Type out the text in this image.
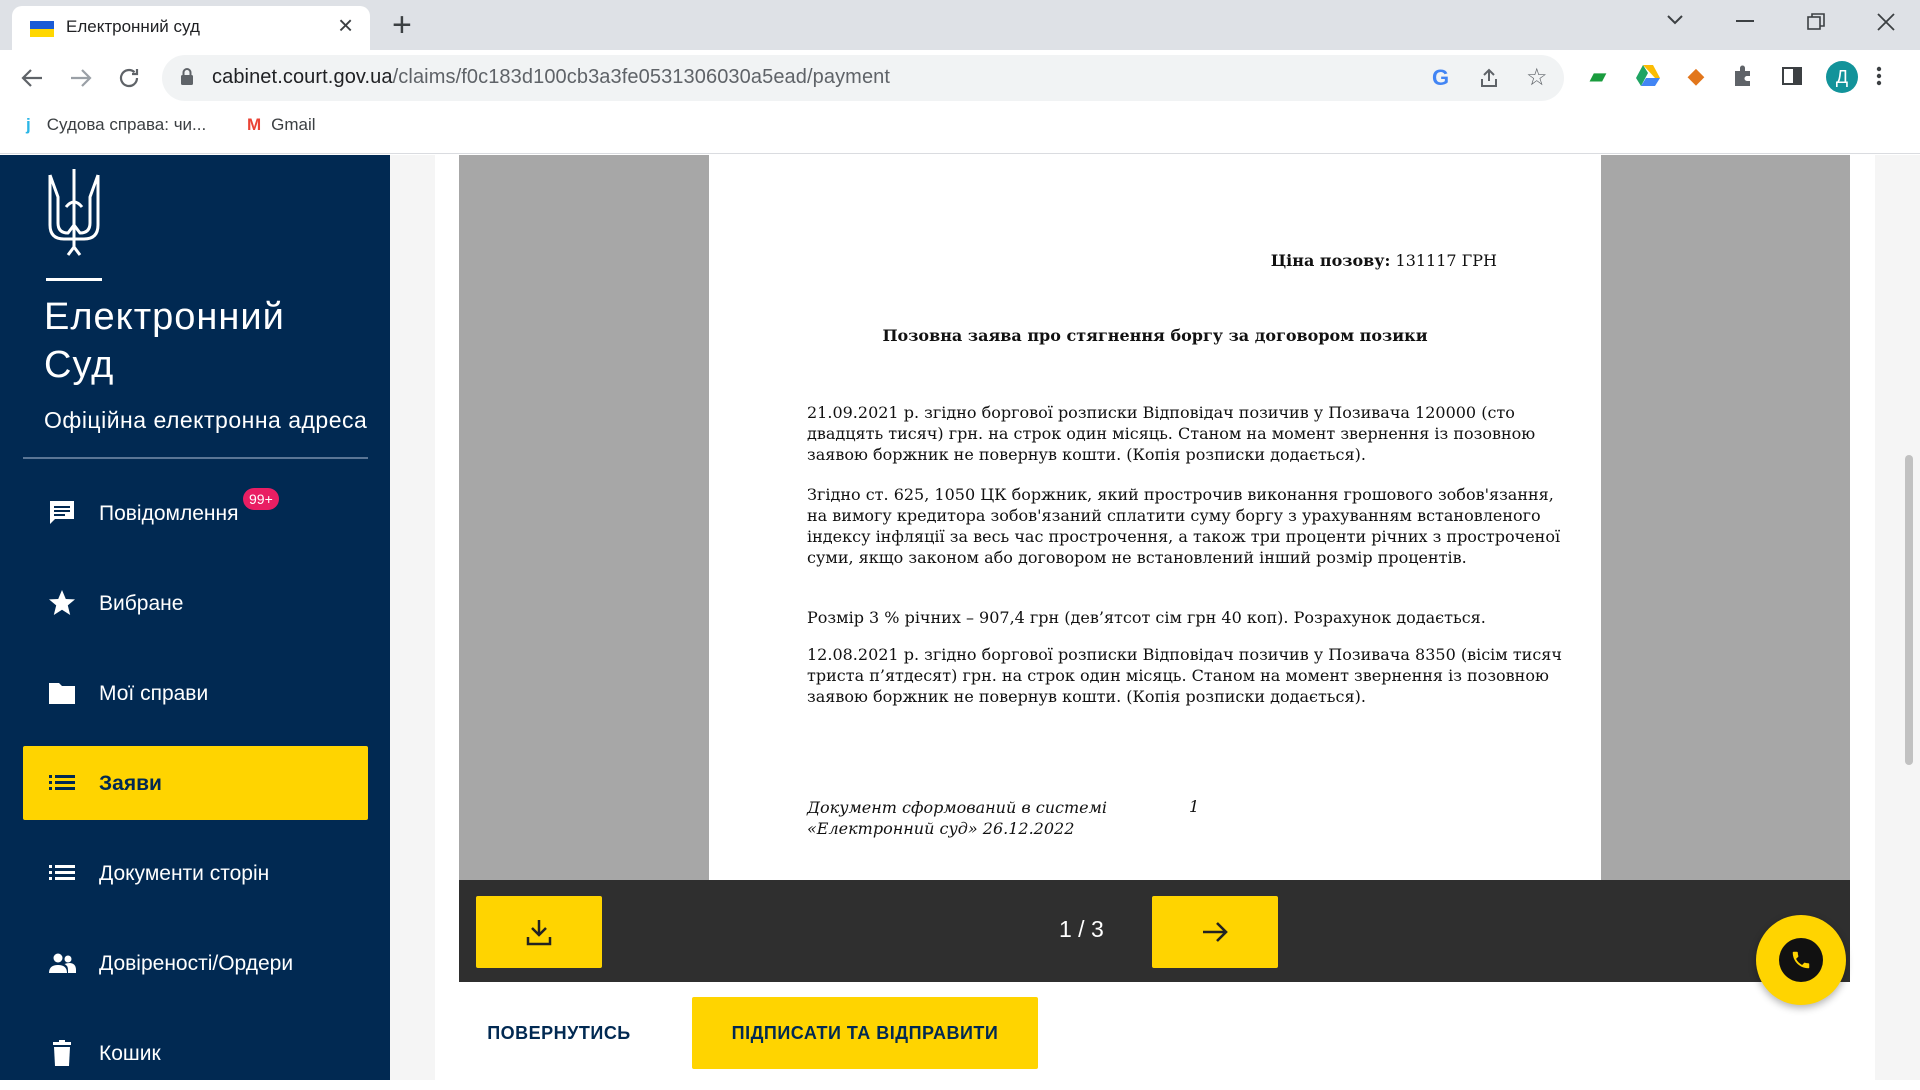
Електронний суд	× +
cabinet.court.gov.ua/claims/f0c183d100cb3a3fe0531306030a5ead/payment	G	☆ ▰	◆	Д
j Судова справа: чи... M Gmail
Електронний Суд
Офіційна електронна адреса
Повідомлення
99+
Вибране
Мої справи
Заяви
Документи сторін
Довіреності/Ордери
Кошик
Ціна позову: 131117 ГРН
Позовна заява про стягнення боргу за договором позики

21.09.2021 р. згідно боргової розписки Відповідач позичив у Позивача 120000 (сто двадцять тисяч) грн. на строк один місяць. Станом на момент звернення із позовною заявою боржник не повернув кошти. (Копія розписки додається).

Згідно ст. 625, 1050 ЦК боржник, який прострочив виконання грошового зобов'язання, на вимогу кредитора зобов'язаний сплатити суму боргу з урахуванням встановленого індексу інфляції за весь час прострочення, а також три проценти річних з простроченої суми, якщо законом або договором не встановлений інший розмір процентів.

Розмір 3 % річних – 907,4 грн (дев’ятсот сім грн 40 коп). Розрахунок додається.

12.08.2021 р. згідно боргової розписки Відповідач позичив у Позивача 8350 (вісім тисяч триста п’ятдесят) грн. на строк один місяць. Станом на момент звернення із позовною заявою боржник не повернув кошти. (Копія розписки додається).

Документ сформований в системі
«Електронний суд» 26.12.2022
1
1 / 3
ПОВЕРНУТИСЬ	ПІДПИСАТИ ТА ВІДПРАВИТИ
